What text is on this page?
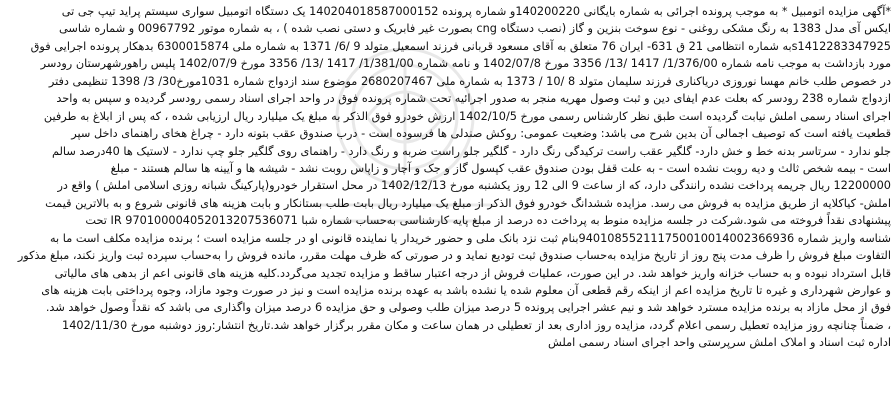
*آگهی مزایده اتومبیل * به موجب پرونده اجرائی به شماره بایگانی 140200220و شماره پرونده 140204018587000152 یک دستگاه اتومبیل سواری سیستم پراید تیپ جی تی
ایکس آی مدل 1383 به رنگ مشکی روغنی - نوع سوخت بنزین و گاز (نصب دستگاه cng بصورت غیر فابریک و دستی نصب شده ) ، به شماره موتور 00967792 و شماره شاسی
s1412283347925به شماره انتظامی 21 ق 631- ایران 76 متعلق به آقای مسعود قربانی فرزند اسمعیل متولد 9 /6/ 1371 به شماره ملی 6300015874 بدهکار پرونده اجرایی فوق
مورد بازداشت به موجب نامه شماره 1/376/00/ 1417 /13/ 3356 مورخ 1402/07/8 و نامه شماره 1/381/00/ 1417 /13/ 3356 مورخ 1402/07/9 پلیس راهورشهرستان رودسر
در خصوص طلب خانم مهسا نوروزی دریاکناری فرزند سلیمان متولد 8 /10 / 1373 به شماره ملی 2680207467 موضوع سند ازدواج شماره 1031مورخ30/ 3/ 1398 تنظیمی دفتر
ازدواج شماره 238 رودسر که بعلت عدم ایفای دین و ثبت وصول مهریه منجر به صدور اجرائیه تحت شماره پرونده فوق در واحد اجرای اسناد رسمی رودسر گردیده و سپس به واحد
اجرای اسناد رسمی املش نیابت گردیده است طبق نظر کارشناس رسمی مورخ 1402/10/5 ارزش خودرو فوق الذکر به مبلغ یک میلیارد ریال ارزیابی شده ، که پس از ابلاغ به طرفین
قطعیت یافته است که توصیف اجمالی آن بدین شرح می باشد: وضعیت عمومی: روکش صندلی ها فرسوده است - درب صندوق عقب بتونه دارد - چراغ هخای راهنمای داخل سپر
جلو ندارد - سرتاسر بدنه خط و خش دارد- گلگیر عقب راست ترکیدگی رنگ دارد - گلگیر جلو راست ضربه و رنگ دارد - راهنمای روی گلگیر جلو چپ ندارد - لاستیک ها 40درصد سالم
است - بیمه شخص ثالث و دیه روبت نشده است - به علت قفل بودن صندوق عقب کپسول گاز و جک و آچار و زاپاس روبت نشد - شیشه ها و آیینه ها سالم هستند - مبلغ
12200000 ریال جریمه پرداخت نشده رانندگی دارد، که از ساعت 9 الی 12 روز یکشنبه مورخ 1402/12/13 در محل استقرار خودرو(پارکینگ شبانه روزی اسلامی املش ) واقع در
املش- کیاکلایه از طریق مزایده به فروش می رسد. مزایده ششدانگ خودرو فوق الذکر از مبلغ یک میلیارد ریال بابت طلب بستانکار و بابت هزینه های قانونی شروع و به بالاترین قیمت
پیشنهادی نقداً فروخته می شود.شرکت در جلسه مزایده منوط به پرداخت ده درصد از مبلغ پایه کارشناسی به‌حساب شماره شبا 970100004052013207536071 IR تحت
شناسه واریز شماره 940108552111750010014002366936بنام ثبت نزد بانک ملی و حضور خریدار یا نماینده قانونی او در جلسه مزایده است ؛ برنده مزایده مکلف است ما به
التفاوت مبلغ فروش را ظرف مدت پنج روز از تاریخ مزایده به‌حساب صندوق ثبت تودیع نماید و در صورتی که ظرف مهلت مقرر، مانده فروش را به‌حساب سپرده ثبت واریز نکند، مبلغ مذکور
قابل استرداد نبوده و به حساب خزانه واریز خواهد شد. در این صورت، عملیات فروش از درجه اعتبار ساقط و مزایده تجدید می‌گردد.کلیه هزینه های قانونی اعم از بدهی های مالیاتی
و عوارض شهرداری و غیره تا تاریخ مزایده اعم از اینکه رقم قطعی آن معلوم شده یا نشده باشد به عهده برنده مزایده است و نیز در صورت وجود مازاد، وجوه پرداختی بابت هزینه های
فوق از محل مازاد به برنده مزایده مسترد خواهد شد و نیم عشر اجرایی پرونده 5 درصد میزان طلب وصولی و حق مزایده 6 درصد میزان واگذاری می باشد که نقداً وصول خواهد شد.
، ضمناً چنانچه روز مزایده تعطیل رسمی اعلام گردد، مزایده روز اداری بعد از تعطیلی در همان ساعت و مکان مقرر برگزار خواهد شد.تاریخ انتشار:روز دوشنبه مورخ 1402/11/30
اداره ثبت اسناد و املاک املش سرپرستی واحد اجرای اسناد رسمی املش
